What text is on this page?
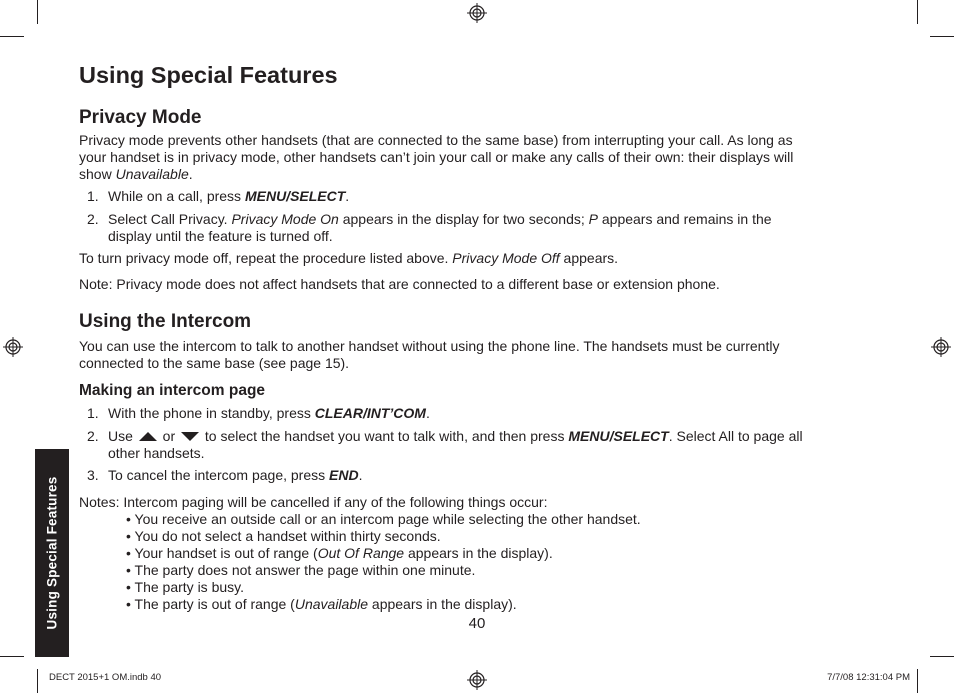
Using Special Features
Privacy Mode

Privacy mode prevents other handsets (that are connected to the same base) from interrupting your call. As long as

your handset is in privacy mode, other handsets can’t join your call or make any calls of their own: their displays will

show Unavailable.

1. While on a call, press MENU/SELECT.
2. Select Call Privacy. Privacy Mode On appears in the display for two seconds; P appears and remains in the
display until the feature is turned off.

To turn privacy mode off, repeat the procedure listed above. Privacy Mode Off appears.

Note: Privacy mode does not affect handsets that are connected to a different base or extension phone.

Using the Intercom

You can use the intercom to talk to another handset without using the phone line. The handsets must be currently

connected to the same base (see page 15).

Making an intercom page
1. With the phone in standby, press CLEAR/INT’COM.
2. Use  or  to select the handset you want to talk with, and then press MENU/SELECT. Select All to page all
other handsets.
3. To cancel the intercom page, press END.

Notes: Intercom paging will be cancelled if any of the following things occur:

• You receive an outside call or an intercom page while selecting the other handset.
• You do not select a handset within thirty seconds.
• Your handset is out of range (Out Of Range appears in the display).
• The party does not answer the page within one minute.
• The party is busy.
• The party is out of range (Unavailable appears in the display).
Using Special Features	40
DECT 2015+1 OM.indb 40	7/7/08 12:31:04 PM
